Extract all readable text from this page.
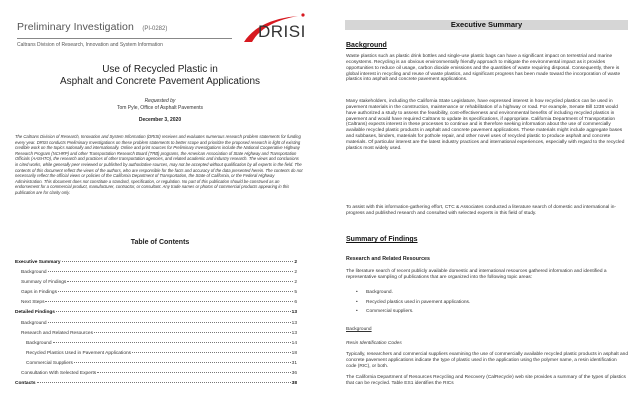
Preliminary Investigation (PI-0282)
Caltrans Division of Research, Innovation and System Information
DRISI
Use of Recycled Plastic in
Asphalt and Concrete Pavement Applications
Requested by
Tom Pyle, Office of Asphalt Pavements
December 3, 2020

The Caltrans Division of Research, Innovation and System Information (DRISI) receives and evaluates numerous research problem statements for funding every year. DRISI conducts Preliminary Investigations on these problem statements to better scope and prioritize the proposed research in light of existing credible work on the topics nationally and internationally. Online and print sources for Preliminary Investigations include the National Cooperative Highway Research Program (NCHRP) and other Transportation Research Board (TRB) programs, the American Association of State Highway and Transportation Officials (AASHTO), the research and practices of other transportation agencies, and related academic and industry research. The views and conclusions in cited works, while generally peer reviewed or published by authoritative sources, may not be accepted without qualification by all experts in the field. The contents of this document reflect the views of the authors, who are responsible for the facts and accuracy of the data presented herein. The contents do not necessarily reflect the official views or policies of the California Department of Transportation, the State of California, or the Federal Highway Administration. This document does not constitute a standard, specification, or regulation. No part of this publication should be construed as an endorsement for a commercial product, manufacturer, contractor, or consultant. Any trade names or photos of commercial products appearing in this publication are for clarity only.

Table of Contents
Executive Summary	2
Background	2
Summary of Findings	2
Gaps in Findings	5
Next Steps	6
Detailed Findings	13
Background	13
Research and Related Resources	13
Background	14
Recycled Plastics Used in Pavement Applications	18
Commercial Suppliers	31
Consultation With Selected Experts	36
Contacts	38
Executive Summary
Background

Waste plastics such as plastic drink bottles and single-use plastic bags can have a significant impact on terrestrial and marine ecosystems. Recycling is an obvious environmentally friendly approach to mitigate the environmental impact as it provides opportunities to reduce oil usage, carbon dioxide emissions and the quantities of waste requiring disposal. Consequently, there is global interest in recycling and reuse of waste plastics, and significant progress has been made toward the incorporation of waste plastics into asphalt and concrete pavement applications.

Many stakeholders, including the California State Legislature, have expressed interest in how recycled plastics can be used in pavement materials in the construction, maintenance or rehabilitation of a highway or road. For example, Senate Bill 1238 would have authorized a study to assess the feasibility, cost-effectiveness and environmental benefits of including recycled plastics in pavement and would have required Caltrans to update its specifications, if appropriate. California Department of Transportation (Caltrans) expects interest in these processes to continue and is therefore seeking information about the use of commercially available recycled plastic products in asphalt and concrete pavement applications. These materials might include aggregate bases and subbases, binders, materials for pothole repair, and other novel uses of recycled plastic to produce asphalt and concrete materials. Of particular interest are the latest industry practices and international experiences, especially with regard to the recycled plastics most widely used.

To assist with this information-gathering effort, CTC & Associates conducted a literature search of domestic and international in-progress and published research and consulted with selected experts in this field of study.

Summary of Findings
Research and Related Resources

The literature search of recent publicly available domestic and international resources gathered information and identified a representative sampling of publications that are organized into the following topic areas:

• Background.
• Recycled plastics used in pavement applications.
• Commercial suppliers.
Background
Resin Identification Codes

Typically, researchers and commercial suppliers examining the use of commercially available recycled plastic products in asphalt and concrete pavement applications indicate the type of plastic used in the application using the polymer name, a resin identification code (RIC), or both.

The California Department of Resources Recycling and Recovery (CalRecycle) web site provides a summary of the types of plastics that can be recycled. Table ES1 identifies the RICs
